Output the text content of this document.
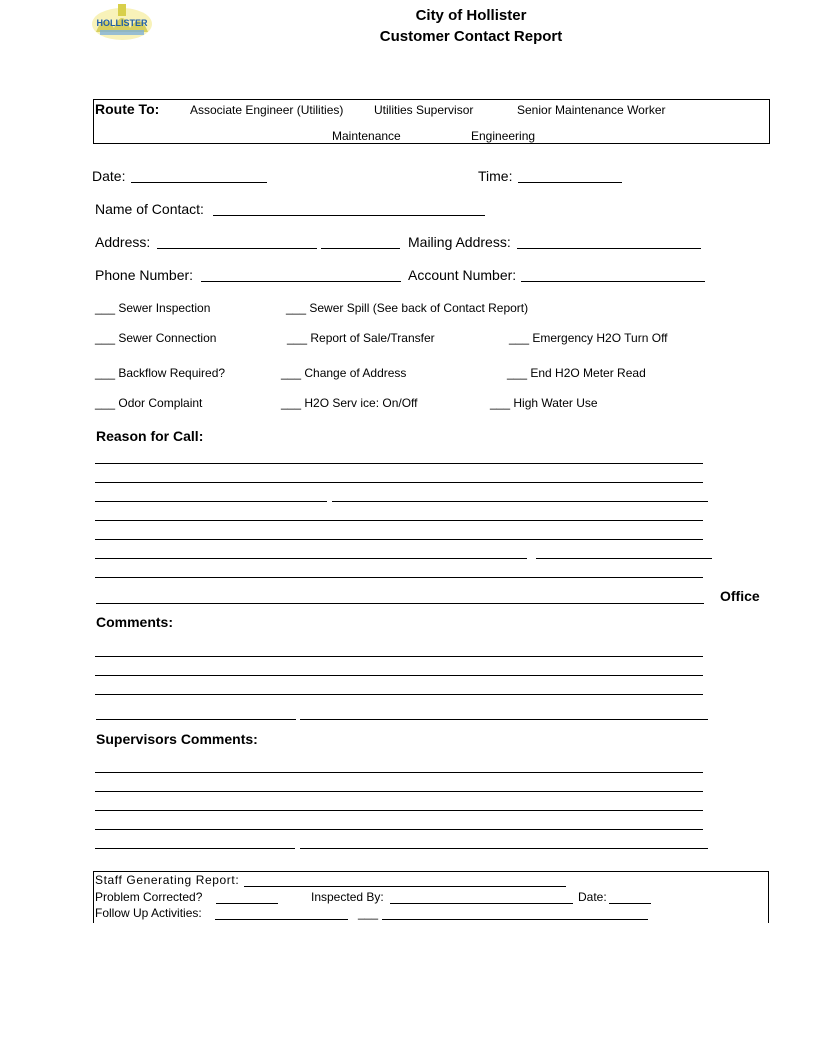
HOLLISTER	City of Hollister
Customer Contact Report
Route To:	Associate Engineer (Utilities)	Utilities Supervisor	Senior Maintenance Worker
Maintenance	Engineering
Date:	Time:
Name of Contact:
Address:	Mailing Address:
Phone Number:	Account Number:
___ Sewer Inspection	___ Sewer Spill (See back of Contact Report)
___ Sewer Connection	___ Report of Sale/Transfer	___ Emergency H2O Turn Off
___ Backflow Required?	___ Change of Address	___ End H2O Meter Read
___ Odor Complaint	___ H2O Serv ice: On/Off	___ High Water Use
Reason for Call:
Office
Comments:
Supervisors Comments:
Staff Generating Report:
Problem Corrected?	Inspected By:	Date:
Follow Up Activities:	___
